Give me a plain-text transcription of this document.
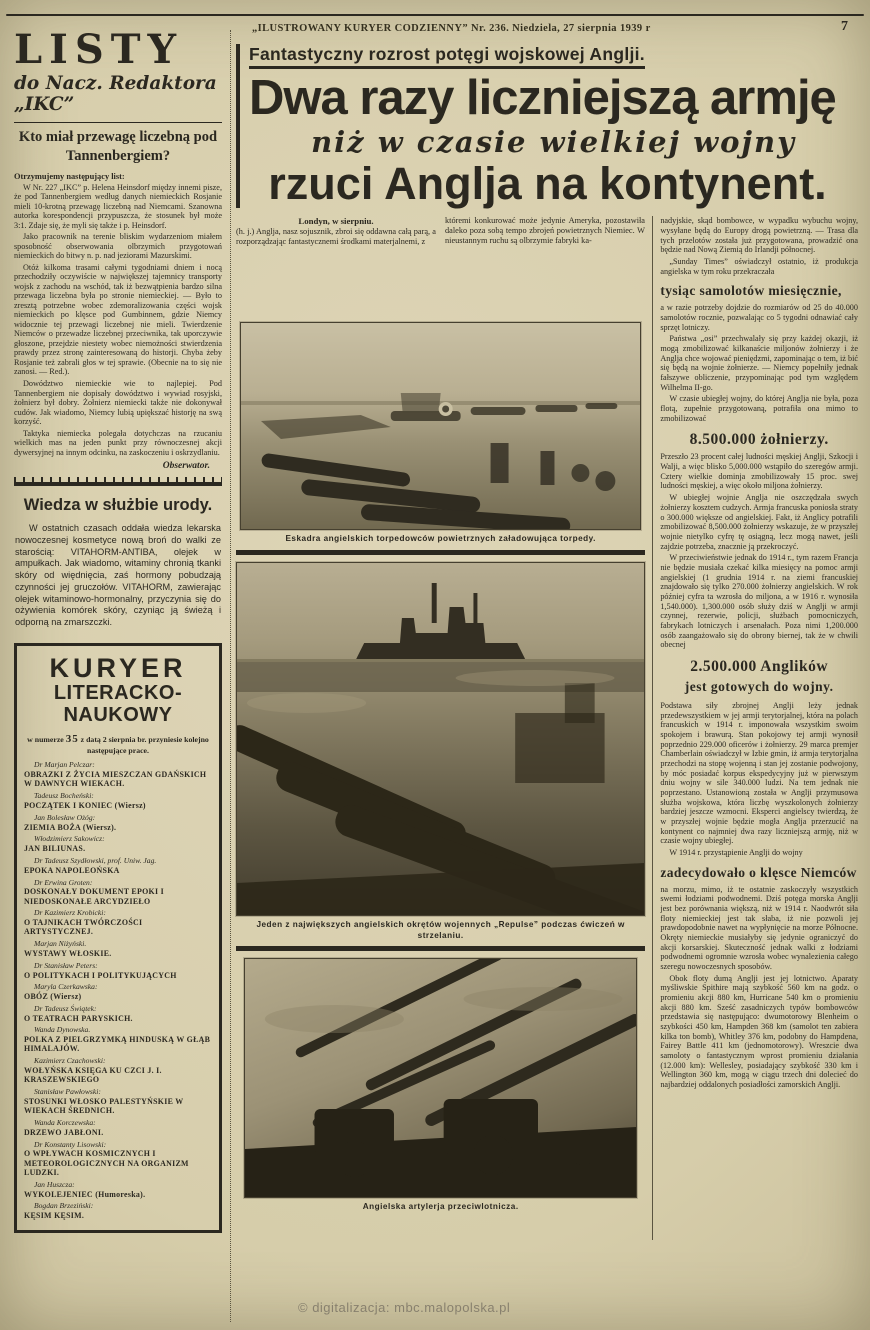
„ILUSTROWANY KURYER CODZIENNY” Nr. 236. Niedziela, 27 sierpnia 1939 r	7
LISTY
do Nacz. Redaktora „IKC”
Kto miał przewagę liczebną pod Tannenbergiem?

Otrzymujemy następujący list:

W Nr. 227 „IKC” p. Helena Heinsdorf między innemi pisze, że pod Tannenbergiem według danych niemieckich Rosjanie mieli 10-krotną przewagę liczebną nad Niemcami. Szanowna autorka korespondencji przypuszcza, że stosunek był może 3:1. Zdaje się, że myli się także i p. Heinsdorf.

Jako pracownik na terenie bliskim wydarzeniom miałem sposobność obserwowania olbrzymich przygotowań niemieckich do bitwy n. p. nad jeziorami Mazurskimi.

Otóż kilkoma trasami całymi tygodniami dniem i nocą przechodziły oczywiście w największej tajemnicy transporty wojsk z zachodu na wschód, tak iż bezwątpienia bardzo silna przewaga liczebna była po stronie niemieckiej. — Było to zresztą potrzebne wobec zdemoralizowania części wojsk niemieckich po klęsce pod Gumbinnem, gdzie Niemcy widocznie tej przewagi liczebnej nie mieli. Twierdzenie Niemców o przewadze liczebnej przeciwnika, tak uporczywie głoszone, przejdzie niestety wobec niemożności stwierdzenia prawdy przez stronę zainteresowaną do historji. Chyba żeby Rosjanie też zabrali głos w tej sprawie. (Obecnie na to się nie zanosi. — Red.).

Dowództwo niemieckie wie to najlepiej. Pod Tannenbergiem nie dopisały dowództwo i wywiad rosyjski, żołnierz był dobry. Żołnierz niemiecki także nie dokonywał cudów. Jak wiadomo, Niemcy lubią upiększać historję na swą korzyść.

Taktyka niemiecka polegała dotychczas na rzucaniu wielkich mas na jeden punkt przy równoczesnej akcji dywersyjnej na innym odcinku, na zaskoczeniu i oskrzydlaniu.

Obserwator.
Wiedza w służbie urody.

W ostatnich czasach oddała wiedza lekarska nowoczesnej kosmetyce nową broń do walki ze starością: VITAHORM-ANTIBA, olejek w ampułkach. Jak wiadomo, witaminy chronią tkanki skóry od więdnięcia, zaś hormony pobudzają czynności jej gruczołów. VITAHORM, zawierając olejek witaminowo-hormonalny, przyczynia się do ożywienia komórek skóry, czyniąc ją świeżą i odporną na zmarszczki.

KURYER
LITERACKO-NAUKOWY

w numerze 35 z datą 2 sierpnia br. przyniesie kolejno następujące prace.

Dr Marjan Pelczar:
OBRAZKI Z ŻYCIA MIESZCZAN GDAŃSKICH W DAWNYCH WIEKACH.
Tadeusz Bocheński:
POCZĄTEK I KONIEC (Wiersz)
Jan Bolesław Ożóg:
ZIEMIA BOŻA (Wiersz).
Włodzimierz Sakowicz:
JAN BILIUNAS.
Dr Tadeusz Szydłowski, prof. Uniw. Jag.
EPOKA NAPOLEOŃSKA
Dr Erwina Groten:
DOSKONAŁY DOKUMENT EPOKI I NIEDOSKONAŁE ARCYDZIEŁO
Dr Kazimierz Krobicki:
O TAJNIKACH TWÓRCZOŚCI ARTYSTYCZNEJ.
Marjan Niżyński.
WYSTAWY WŁOSKIE.
Dr Stanisław Peters:
O POLITYKACH I POLITYKUJĄCYCH
Maryla Czerkawska:
OBÓZ (Wiersz)
Dr Tadeusz Świątek:
O TEATRACH PARYSKICH.
Wanda Dynowska.
POLKA Z PIELGRZYMKĄ HINDUSKĄ W GŁĄB HIMALAJÓW.
Kazimierz Czachowski:
WOŁYŃSKA KSIĘGA KU CZCI J. I. KRASZEWSKIEGO
Stanisław Pawłowski:
STOSUNKI WŁOSKO PALESTYŃSKIE W WIEKACH ŚREDNICH.
Wanda Korczewska:
DRZEWO JABŁONI.
Dr Konstanty Lisowski:
O WPŁYWACH KOSMICZNYCH I METEOROLOGICZNYCH NA ORGANIZM LUDZKI.
Jan Huszcza:
WYKOLEJENIEC (Humoreska).
Bogdan Brzeziński:
KĘSIM KĘSIM.
Fantastyczny rozrost potęgi wojskowej Anglji.
Dwa razy liczniejszą armję
niż w czasie wielkiej wojny
rzuci Anglja na kontynent.
Londyn, w sierpniu.
(h. j.) Anglja, nasz sojusznik, zbroi się oddawna całą parą, a rozporządzając fantastycznemi środkami materjalnemi, z
któremi konkurować może jedynie Ameryka, pozostawiła daleko poza sobą tempo zbrojeń powietrznych Niemiec. W nieustannym ruchu są olbrzymie fabryki ka-
Eskadra angielskich torpedowców powietrznych załadowująca torpedy.
Jeden z największych angielskich okrętów wojennych „Repulse” podczas ćwiczeń w strzelaniu.
Angielska artylerja przeciwlotnicza.

nadyjskie, skąd bombowce, w wypadku wybuchu wojny, wysyłane będą do Europy drogą powietrzną. — Trasa dla tych przelotów została już przygotowana, prowadzić ona będzie nad Nową Ziemią do Irlandji północnej.

„Sunday Times” oświadczył ostatnio, iż produkcja angielska w tym roku przekraczała

tysiąc samolotów miesięcznie,

a w razie potrzeby dojdzie do rozmiarów od 25 do 40.000 samolotów rocznie, pozwalając co 5 tygodni odnawiać cały sprzęt lotniczy.

Państwa „osi” przechwalały się przy każdej okazji, iż mogą zmobilizować kilkanaście miljonów żołnierzy i że Anglja chce wojować pieniędzmi, zapominając o tem, iż bić się będą na wojnie żołnierze. — Niemcy popełniły jednak fałszywe obliczenie, przypominając pod tym względem Wilhelma II-go.

W czasie ubiegłej wojny, do której Anglja nie była, poza flotą, zupełnie przygotowaną, potrafiła ona mimo to zmobilizować

8.500.000 żołnierzy.

Przeszło 23 procent całej ludności męskiej Anglji, Szkocji i Walji, a więc blisko 5,000.000 wstąpiło do szeregów armji. Cztery wielkie dominja zmobilizowały 15 proc. swej ludności męskiej, a więc około miljona żołnierzy.

W ubiegłej wojnie Anglja nie oszczędzała swych żołnierzy kosztem cudzych. Armja francuska poniosła straty o 300.000 większe od angielskiej. Fakt, iż Anglicy potrafili zmobilizować 8,500.000 żołnierzy wskazuje, że w przyszłej wojnie nietylko cyfrę tę osiągną, lecz mogą nawet, jeśli zajdzie potrzeba, znacznie ją przekroczyć.

W przeciwieństwie jednak do 1914 r., tym razem Francja nie będzie musiała czekać kilka miesięcy na pomoc armji angielskiej (1 grudnia 1914 r. na ziemi francuskiej znajdowało się tylko 270.000 żołnierzy angielskich. W rok później cyfra ta wzrosła do miljona, a w 1916 r. wynosiła 1,540.000). 1,300.000 osób służy dziś w Anglji w armji czynnej, rezerwie, policji, służbach pomocniczych, fabrykach lotniczych i arsenałach. Poza nimi 1,200.000 osób zaangażowało się do obrony biernej, tak że w chwili obecnej

2.500.000 Anglików
jest gotowych do wojny.

Podstawa siły zbrojnej Anglji leży jednak przedewszystkiem w jej armji terytorjalnej, która na polach francuskich w 1914 r. imponowała wszystkim swoim spokojem i brawurą. Stan pokojowy tej armji wynosił poprzednio 229.000 oficerów i żołnierzy. 29 marca premjer Chamberlain oświadczył w Izbie gmin, iż armja terytorjalna przechodzi na stopę wojenną i stan jej zostanie podwojony, by móc posiadać korpus ekspedycyjny już w pierwszym dniu wojny w sile 340.000 ludzi. Na tem jednak nie poprzestano. Ustanowioną została w Anglji przymusowa służba wojskowa, która liczbę wyszkolonych żołnierzy bardziej jeszcze wzmocni. Eksperci angielscy twierdzą, że w przyszłej wojnie będzie mogła Anglja przerzucić na kontynent co najmniej dwa razy liczniejszą armję, niż w czasie wojny ubiegłej.

W 1914 r. przystąpienie Anglji do wojny

zadecydowało o klęsce Niemców

na morzu, mimo, iż te ostatnie zaskoczyły wszystkich swemi łodziami podwodnemi. Dziś potęga morska Anglji jest bez porównania większą, niż w 1914 r. Naodwrót siła floty niemieckiej jest tak słaba, iż nie pozwoli jej prawdopodobnie nawet na wypłynięcie na morze Północne. Okręty niemieckie musiałyby się jedynie ograniczyć do akcji korsarskiej. Skuteczność jednak walki z łodziami podwodnemi ogromnie wzrosła wobec wynalezienia całego szeregu nowoczesnych sposobów.

Obok floty dumą Anglji jest jej lotnictwo. Aparaty myśliwskie Spithire mają szybkość 560 km na godz. o promieniu akcji 880 km, Hurricane 540 km o promieniu akcji 880 km. Sześć zasadniczych typów bombowców przedstawia się następująco: dwumotorowy Blenheim o szybkości 450 km, Hampden 368 km (samolot ten zabiera kilka ton bomb), Whitley 376 km, podobny do Hampdena, Fairey Battle 411 km (jednomotorowy). Wreszcie dwa samoloty o fantastycznym wprost promieniu działania (12.000 km): Wellesley, posiadający szybkość 330 km i Wellington 360 km, mogą w ciągu trzech dni dolecieć do najbardziej oddalonych posiadłości zamorskich Anglji.

© digitalizacja: mbc.malopolska.pl
